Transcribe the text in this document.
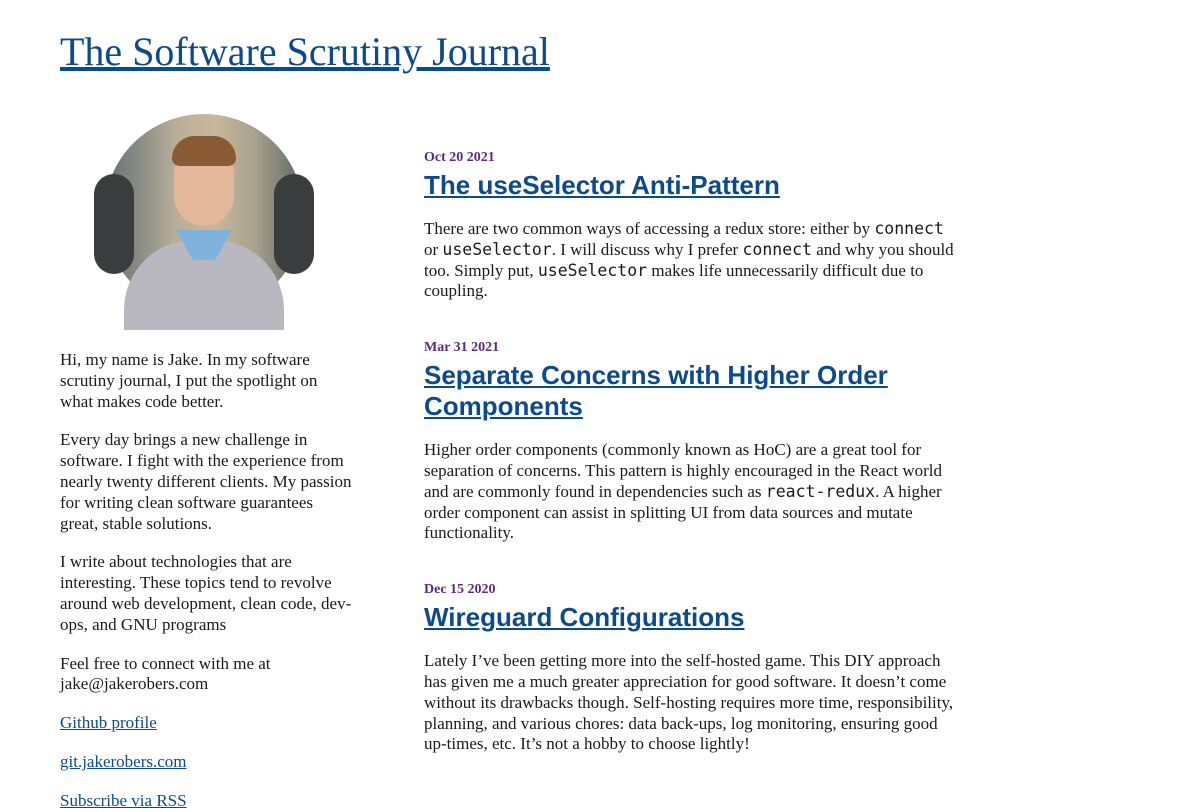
The Software Scrutiny Journal

Hi, my name is Jake. In my software scrutiny journal, I put the spotlight on what makes code better.

Every day brings a new challenge in software. I fight with the experience from nearly twenty different clients. My passion for writing clean software guarantees great, stable solutions.

I write about technologies that are interesting. These topics tend to revolve around web development, clean code, dev-ops, and GNU programs

Feel free to connect with me at jake@jakerobers.com

Github profile

git.jakerobers.com

Subscribe via RSS

Oct 20 2021
The useSelector Anti-Pattern

There are two common ways of accessing a redux store: either by connect or useSelector. I will discuss why I prefer connect and why you should too. Simply put, useSelector makes life unnecessarily difficult due to coupling.

Mar 31 2021
Separate Concerns with Higher Order Components

Higher order components (commonly known as HoC) are a great tool for separation of concerns. This pattern is highly encouraged in the React world and are commonly found in dependencies such as react-redux. A higher order component can assist in splitting UI from data sources and mutate functionality.

Dec 15 2020
Wireguard Configurations

Lately I’ve been getting more into the self-hosted game. This DIY approach has given me a much greater appreciation for good software. It doesn’t come without its drawbacks though. Self-hosting requires more time, responsibility, planning, and various chores: data back-ups, log monitoring, ensuring good up-times, etc. It’s not a hobby to choose lightly!
